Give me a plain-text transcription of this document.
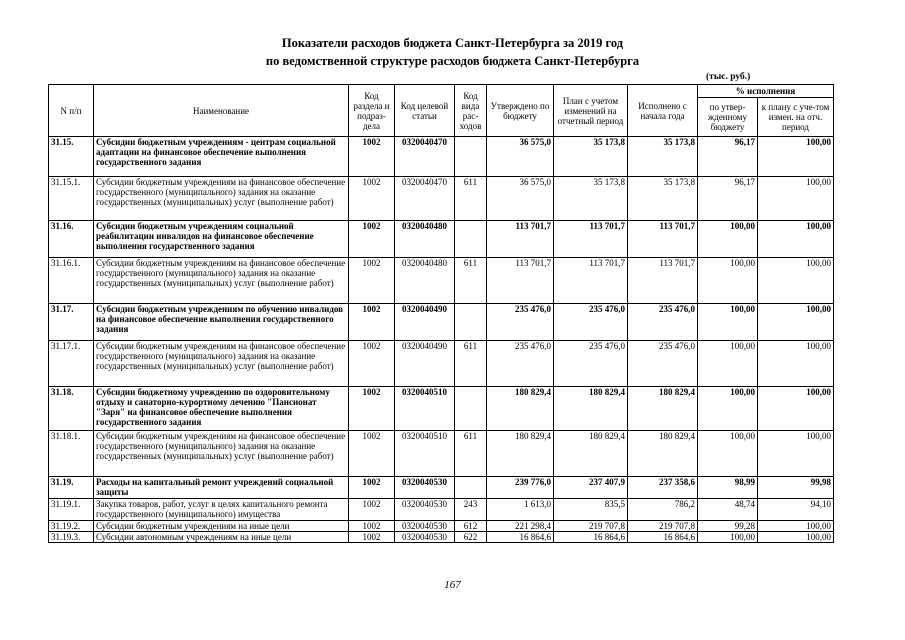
Показатели расходов бюджета Санкт-Петербурга за 2019 год
по ведомственной структуре расходов бюджета Санкт-Петербурга
(тыс. руб.)
N п/п	Наименование	Код раздела и подраз-дела	Код целевой статьи	Код вида рас-ходов	Утверждено по бюджету	План с учетом изменений на отчетный период	Исполнено с начала года	% исполнения	
								по утвер-жденному бюджету	к плану с уче-том измен. на отч. период
31.15.	Субсидии бюджетным учреждениям - центрам социальной адаптации на финансовое обеспечение выполнения государственного задания	1002	0320040470		36 575,0	35 173,8	35 173,8	96,17	100,00
31.15.1.	Субсидии бюджетным учреждениям на финансовое обеспечение государственного (муниципального) задания на оказание государственных (муниципальных) услуг (выполнение работ)	1002	0320040470	611	36 575,0	35 173,8	35 173,8	96,17	100,00
31.16.	Субсидии бюджетным учреждениям социальной реабилитации инвалидов на финансовое обеспечение выполнения государственного задания	1002	0320040480		113 701,7	113 701,7	113 701,7	100,00	100,00
31.16.1.	Субсидии бюджетным учреждениям на финансовое обеспечение государственного (муниципального) задания на оказание государственных (муниципальных) услуг (выполнение работ)	1002	0320040480	611	113 701,7	113 701,7	113 701,7	100,00	100,00
31.17.	Субсидии бюджетным учреждениям по обучению инвалидов на финансовое обеспечение выполнения государственного задания	1002	0320040490		235 476,0	235 476,0	235 476,0	100,00	100,00
31.17.1.	Субсидии бюджетным учреждениям на финансовое обеспечение государственного (муниципального) задания на оказание государственных (муниципальных) услуг (выполнение работ)	1002	0320040490	611	235 476,0	235 476,0	235 476,0	100,00	100,00
31.18.	Субсидии бюджетному учреждению по оздоровительному отдыху и санаторно-курортному лечению "Пансионат "Заря" на финансовое обеспечение выполнения государственного задания	1002	0320040510		180 829,4	180 829,4	180 829,4	100,00	100,00
31.18.1.	Субсидии бюджетным учреждениям на финансовое обеспечение государственного (муниципального) задания на оказание государственных (муниципальных) услуг (выполнение работ)	1002	0320040510	611	180 829,4	180 829,4	180 829,4	100,00	100,00
31.19.	Расходы на капитальный ремонт учреждений социальной защиты	1002	0320040530		239 776,0	237 407,9	237 358,6	98,99	99,98
31.19.1.	Закупка товаров, работ, услуг в целях капитального ремонта государственного (муниципального) имущества	1002	0320040530	243	1 613,0	835,5	786,2	48,74	94,10
31.19.2.	Субсидии бюджетным учреждениям на иные цели	1002	0320040530	612	221 298,4	219 707,8	219 707,8	99,28	100,00
31.19.3.	Субсидии автономным учреждениям на иные цели	1002	0320040530	622	16 864,6	16 864,6	16 864,6	100,00	100,00
167
